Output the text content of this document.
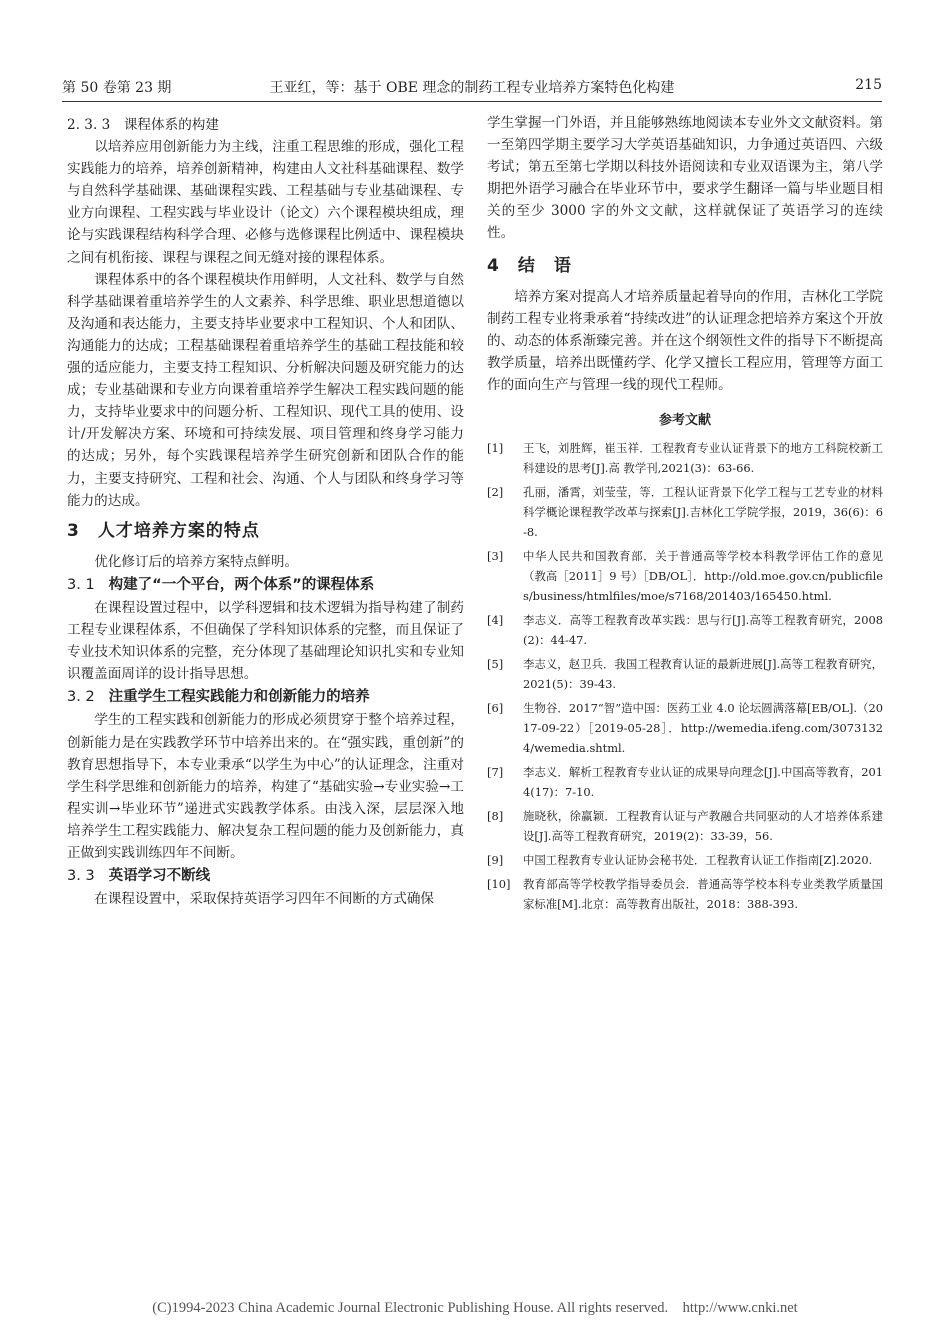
第 50 卷第 23 期	王亚红，等：基于 OBE 理念的制药工程专业培养方案特色化构建	215
2. 3. 3　课程体系的构建

以培养应用创新能力为主线，注重工程思维的形成，强化工程实践能力的培养，培养创新精神，构建由人文社科基础课程、数学与自然科学基础课、基础课程实践、工程基础与专业基础课程、专业方向课程、工程实践与毕业设计（论文）六个课程模块组成，理论与实践课程结构科学合理、必修与选修课程比例适中、课程模块之间有机衔接、课程与课程之间无缝对接的课程体系。

课程体系中的各个课程模块作用鲜明，人文社科、数学与自然科学基础课着重培养学生的人文素养、科学思维、职业思想道德以及沟通和表达能力，主要支持毕业要求中工程知识、个人和团队、沟通能力的达成；工程基础课程着重培养学生的基础工程技能和较强的适应能力，主要支持工程知识、分析解决问题及研究能力的达成；专业基础课和专业方向课着重培养学生解决工程实践问题的能力，支持毕业要求中的问题分析、工程知识、现代工具的使用、设计/开发解决方案、环境和可持续发展、项目管理和终身学习能力的达成；另外，每个实践课程培养学生研究创新和团队合作的能力，主要支持研究、工程和社会、沟通、个人与团队和终身学习等能力的达成。

3 人才培养方案的特点

优化修订后的培养方案特点鲜明。

3. 1 构建了“一个平台，两个体系”的课程体系

在课程设置过程中，以学科逻辑和技术逻辑为指导构建了制药工程专业课程体系，不但确保了学科知识体系的完整，而且保证了专业技术知识体系的完整，充分体现了基础理论知识扎实和专业知识覆盖面周详的设计指导思想。

3. 2 注重学生工程实践能力和创新能力的培养

学生的工程实践和创新能力的形成必须贯穿于整个培养过程，创新能力是在实践教学环节中培养出来的。在“强实践，重创新”的教育思想指导下，本专业秉承“以学生为中心”的认证理念，注重对学生科学思维和创新能力的培养，构建了“基础实验→专业实验→工程实训→毕业环节”递进式实践教学体系。由浅入深，层层深入地培养学生工程实践能力、解决复杂工程问题的能力及创新能力，真正做到实践训练四年不间断。

3. 3 英语学习不断线

在课程设置中，采取保持英语学习四年不间断的方式确保

学生掌握一门外语，并且能够熟练地阅读本专业外文文献资料。第一至第四学期主要学习大学英语基础知识，力争通过英语四、六级考试；第五至第七学期以科技外语阅读和专业双语课为主，第八学期把外语学习融合在毕业环节中，要求学生翻译一篇与毕业题目相关的至少 3000 字的外文文献，这样就保证了英语学习的连续性。

4 结　语

培养方案对提高人才培养质量起着导向的作用，吉林化工学院制药工程专业将秉承着“持续改进”的认证理念把培养方案这个开放的、动态的体系渐臻完善。并在这个纲领性文件的指导下不断提高教学质量，培养出既懂药学、化学又擅长工程应用，管理等方面工作的面向生产与管理一线的现代工程师。

参考文献
[1]	王飞，刘胜辉，崔玉祥．工程教育专业认证背景下的地方工科院校新工科建设的思考[J].高 教学刊,2021(3)：63-66.
[2]	孔丽，潘霄，刘莹莹，等．工程认证背景下化学工程与工艺专业的材料科学概论课程教学改革与探索[J].吉林化工学院学报，2019，36(6)：6-8.
[3]	中华人民共和国教育部．关于普通高等学校本科教学评估工作的意见（教高［2011］9 号）［DB/OL］．http://old.moe.gov.cn/publicfiles/business/htmlfiles/moe/s7168/201403/165450.html.
[4]	李志义．高等工程教育改革实践：思与行[J].高等工程教育研究，2008(2)：44-47.
[5]	李志义，赵卫兵．我国工程教育认证的最新进展[J].高等工程教育研究，2021(5)：39-43.
[6]	生物谷．2017“智”造中国：医药工业 4.0 论坛圆满落幕[EB/OL].（2017-09-22）［2019-05-28］．http://wemedia.ifeng.com/30731324/wemedia.shtml.
[7]	李志义．解析工程教育专业认证的成果导向理念[J].中国高等教育，2014(17)：7-10.
[8]	施晓秋，徐赢颖．工程教育认证与产教融合共同驱动的人才培养体系建设[J].高等工程教育研究，2019(2)：33-39，56.
[9]	中国工程教育专业认证协会秘书处．工程教育认证工作指南[Z].2020.
[10]	教育部高等学校教学指导委员会．普通高等学校本科专业类教学质量国家标准[M].北京：高等教育出版社，2018：388-393.
(C)1994-2023 China Academic Journal Electronic Publishing House. All rights reserved.　http://www.cnki.net
